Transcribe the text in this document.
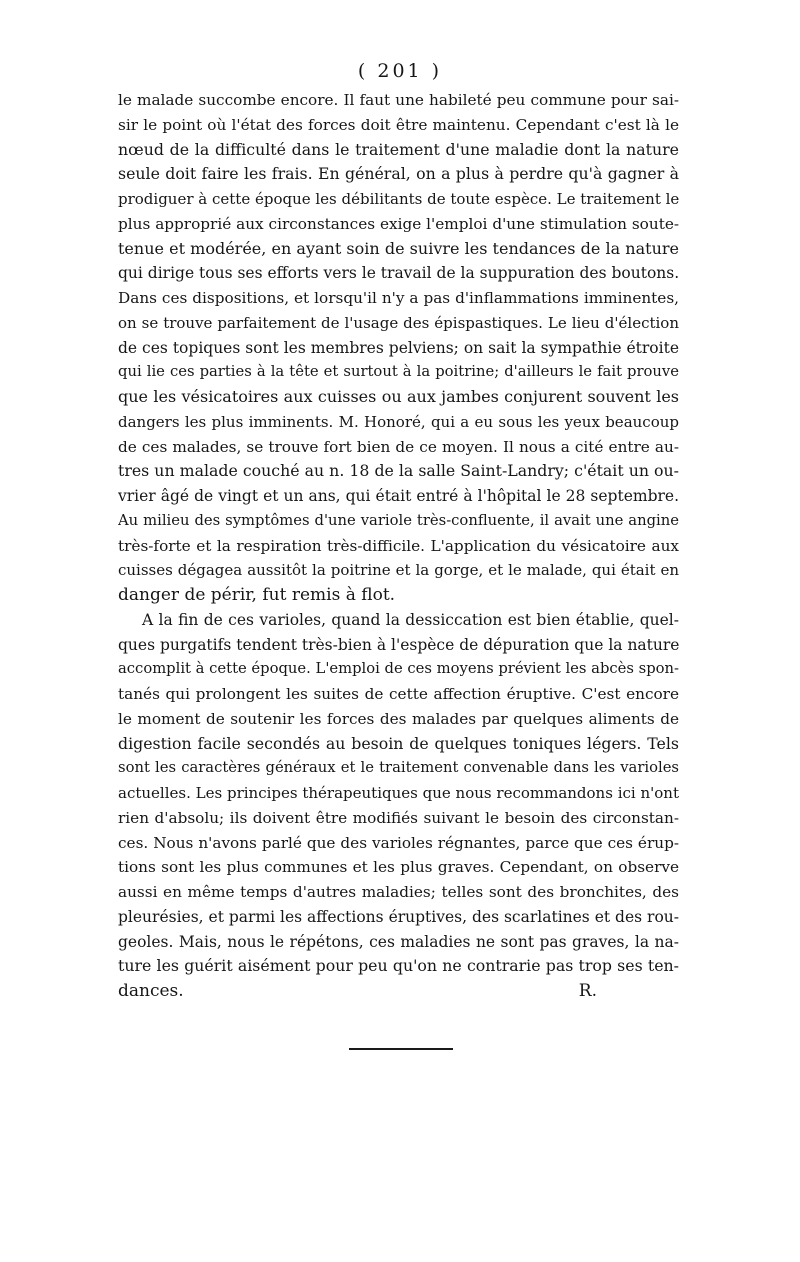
( 201 )
le malade succombe encore. Il faut une habileté peu commune pour sai-
sir le point où l'état des forces doit être maintenu. Cependant c'est là le
nœud de la difficulté dans le traitement d'une maladie dont la nature
seule doit faire les frais. En général, on a plus à perdre qu'à gagner à
prodiguer à cette époque les débilitants de toute espèce. Le traitement le
plus approprié aux circonstances exige l'emploi d'une stimulation soute-
tenue et modérée, en ayant soin de suivre les tendances de la nature
qui dirige tous ses efforts vers le travail de la suppuration des boutons.
Dans ces dispositions, et lorsqu'il n'y a pas d'inflammations imminentes,
on se trouve parfaitement de l'usage des épispastiques. Le lieu d'élection
de ces topiques sont les membres pelviens; on sait la sympathie étroite
qui lie ces parties à la tête et surtout à la poitrine; d'ailleurs le fait prouve
que les vésicatoires aux cuisses ou aux jambes conjurent souvent les
dangers les plus imminents. M. Honoré, qui a eu sous les yeux beaucoup
de ces malades, se trouve fort bien de ce moyen. Il nous a cité entre au-
tres un malade couché au n. 18 de la salle Saint-Landry; c'était un ou-
vrier âgé de vingt et un ans, qui était entré à l'hôpital le 28 septembre.
Au milieu des symptômes d'une variole très-confluente, il avait une angine
très-forte et la respiration très-difficile. L'application du vésicatoire aux
cuisses dégagea aussitôt la poitrine et la gorge, et le malade, qui était en
danger de périr, fut remis à flot.
A la fin de ces varioles, quand la dessiccation est bien établie, quel-
ques purgatifs tendent très-bien à l'espèce de dépuration que la nature
accomplit à cette époque. L'emploi de ces moyens prévient les abcès spon-
tanés qui prolongent les suites de cette affection éruptive. C'est encore
le moment de soutenir les forces des malades par quelques aliments de
digestion facile secondés au besoin de quelques toniques légers. Tels
sont les caractères généraux et le traitement convenable dans les varioles
actuelles. Les principes thérapeutiques que nous recommandons ici n'ont
rien d'absolu; ils doivent être modifiés suivant le besoin des circonstan-
ces. Nous n'avons parlé que des varioles régnantes, parce que ces érup-
tions sont les plus communes et les plus graves. Cependant, on observe
aussi en même temps d'autres maladies; telles sont des bronchites, des
pleurésies, et parmi les affections éruptives, des scarlatines et des rou-
geoles. Mais, nous le répétons, ces maladies ne sont pas graves, la na-
ture les guérit aisément pour peu qu'on ne contrarie pas trop ses ten-
dances.	R.
